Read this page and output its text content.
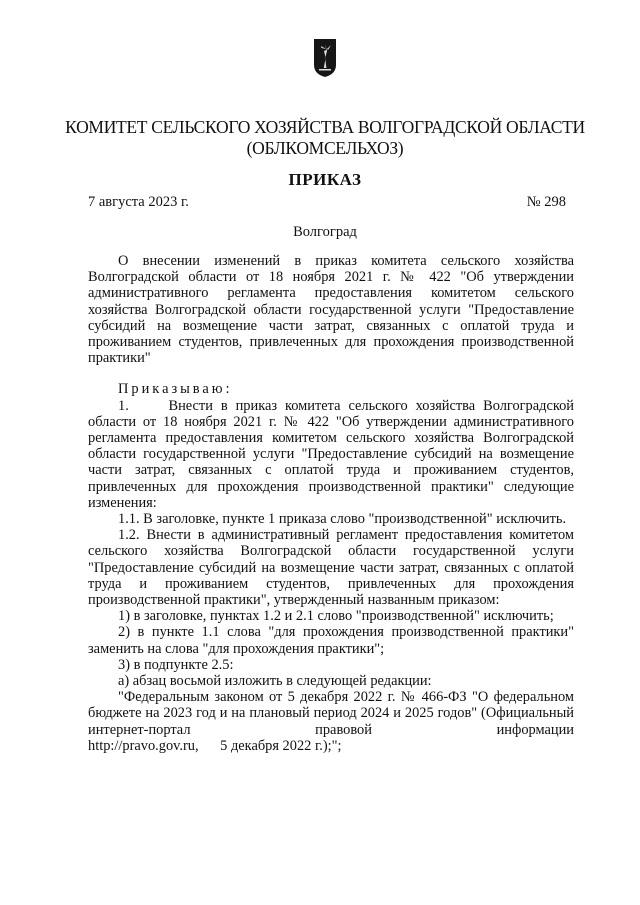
КОМИТЕТ СЕЛЬСКОГО ХОЗЯЙСТВА ВОЛГОГРАДСКОЙ ОБЛАСТИ
(ОБЛКОМСЕЛЬХОЗ)
ПРИКАЗ
7 августа 2023 г.	№ 298
Волгоград

О внесении изменений в приказ комитета сельского хозяйства Волгоградской области от 18 ноября 2021 г. № 422 "Об утверждении административного регламента предоставления комитетом сельского хозяйства Волгоградской области государственной услуги "Предоставление субсидий на возмещение части затрат, связанных с оплатой труда и проживанием студентов, привлеченных для прохождения производственной практики"

Приказываю:

1.     Внести в приказ комитета сельского хозяйства Волгоградской области от 18 ноября 2021 г. № 422 "Об утверждении административного регламента предоставления комитетом сельского хозяйства Волгоградской области государственной услуги "Предоставление субсидий на возмещение части затрат, связанных с оплатой труда и проживанием студентов, привлеченных для прохождения производственной практики" следующие изменения:

1.1. В заголовке, пункте 1 приказа слово "производственной" исключить.

1.2. Внести в административный регламент предоставления комитетом сельского хозяйства Волгоградской области государственной услуги "Предоставление субсидий на возмещение части затрат, связанных с оплатой труда и проживанием студентов, привлеченных для прохождения производственной практики", утвержденный названным приказом:

1) в заголовке, пунктах 1.2 и 2.1 слово "производственной" исключить;

2) в пункте 1.1 слова "для прохождения производственной практики" заменить на слова "для прохождения практики";

3) в подпункте 2.5:

а) абзац восьмой изложить в следующей редакции:

"Федеральным законом от 5 декабря 2022 г. № 466-ФЗ "О федеральном бюджете на 2023 год и на плановый период 2024 и 2025 годов" (Официальный интернет-портал правовой информации

http://pravo.gov.ru,      5 декабря 2022 г.);";
